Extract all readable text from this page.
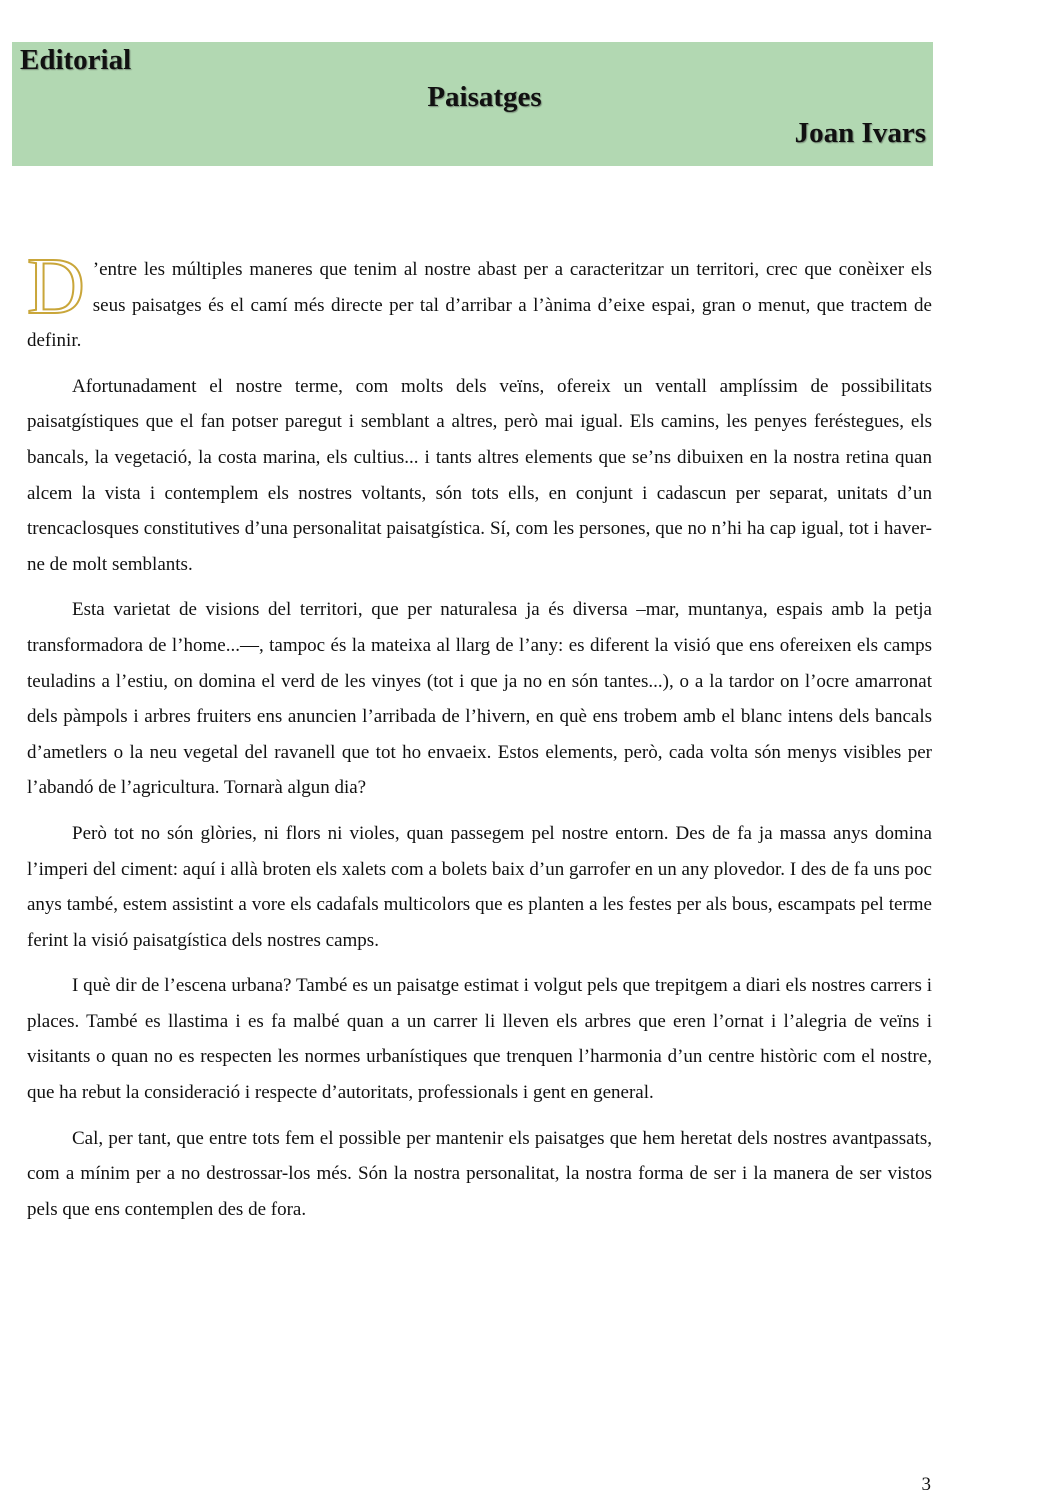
Editorial
Paisatges
Joan Ivars

D ’entre les múltiples maneres que tenim al nostre abast per a caracteritzar un territori, crec que conèixer els seus paisatges és el camí més directe per tal d’arribar a l’ànima d’eixe espai, gran o menut, que tractem de definir.

Afortunadament el nostre terme, com molts dels veïns, ofereix un ventall amplíssim de possibilitats paisatgístiques que el fan potser paregut i semblant a altres, però mai igual. Els camins, les penyes feréstegues, els bancals, la vegetació, la costa marina, els cultius... i tants altres elements que se’ns dibuixen en la nostra retina quan alcem la vista i contemplem els nostres voltants, són tots ells, en conjunt i cadascun per separat, unitats d’un trencaclosques constitutives d’una personalitat paisatgística. Sí, com les persones, que no n’hi ha cap igual, tot i haver-ne de molt semblants.

Esta varietat de visions del territori, que per naturalesa ja és diversa –mar, muntanya, espais amb la petja transformadora de l’home...—, tampoc és la mateixa al llarg de l’any: es diferent la visió que ens ofereixen els camps teuladins a l’estiu, on domina el verd de les vinyes (tot i que ja no en són tantes...), o a la tardor on l’ocre amarronat dels pàmpols i arbres fruiters ens anuncien l’arribada de l’hivern, en què ens trobem amb el blanc intens dels bancals d’ametlers o la neu vegetal del ravanell que tot ho envaeix. Estos elements, però, cada volta són menys visibles per l’abandó de l’agricultura. Tornarà algun dia?

Però tot no són glòries, ni flors ni violes, quan passegem pel nostre entorn. Des de fa ja massa anys domina l’imperi del ciment: aquí i allà broten els xalets com a bolets baix d’un garrofer en un any plovedor. I des de fa uns poc anys també, estem assistint a vore els cadafals multicolors que es planten a les festes per als bous, escampats pel terme ferint la visió paisatgística dels nostres camps.

I què dir de l’escena urbana? També es un paisatge estimat i volgut pels que trepitgem a diari els nostres carrers i places. També es llastima i es fa malbé quan a un carrer li lleven els arbres que eren l’ornat i l’alegria de veïns i visitants o quan no es respecten les normes urbanístiques que trenquen l’harmonia d’un centre històric com el nostre, que ha rebut la consideració i respecte d’autoritats, professionals i gent en general.

Cal, per tant, que entre tots fem el possible per mantenir els paisatges que hem heretat dels nostres avantpassats, com a mínim per a no destrossar-los més. Són la nostra personalitat, la nostra forma de ser i la manera de ser vistos pels que ens contemplen des de fora.

3
